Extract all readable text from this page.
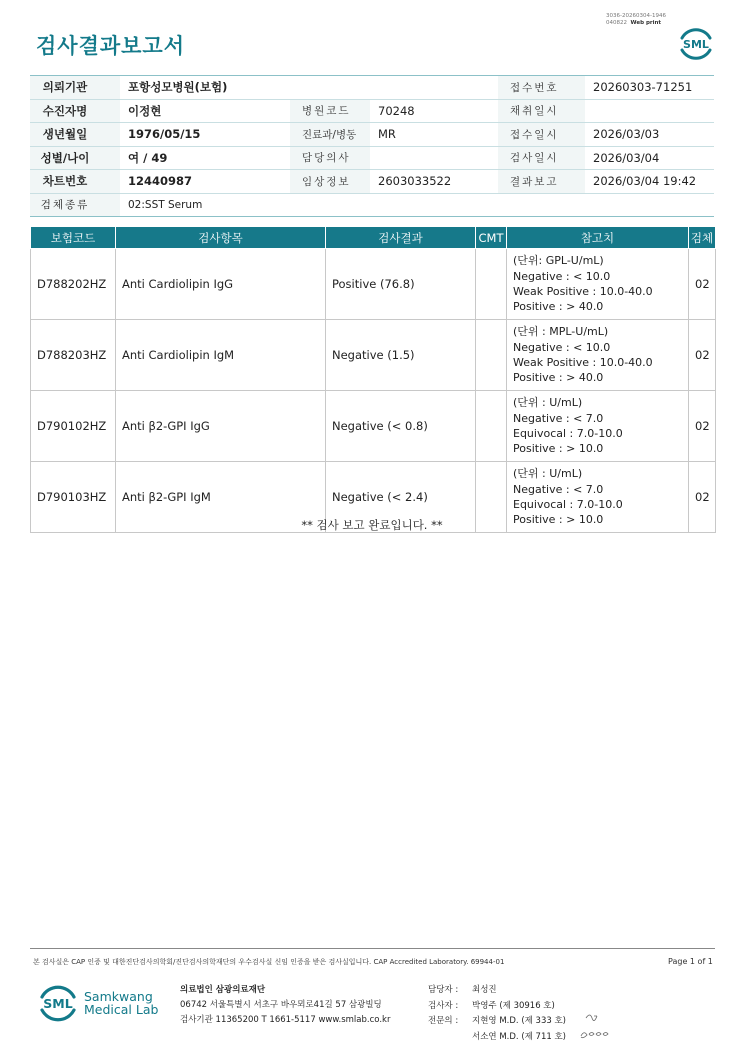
검사결과보고서
3036-20260304-1946
040822 Web print
SML
의뢰기관	포항성모병원(보험)			접수번호	20260303-71251
수진자명	이정현	병원코드	70248	채취일시	
생년월일	1976/05/15	진료과/병동	MR	접수일시	2026/03/03
성별/나이	여 / 49	담당의사		검사일시	2026/03/04
차트번호	12440987	임상정보	2603033522	결과보고	2026/03/04 19:42
검체종류	02:SST Serum				
보험코드	검사항목	검사결과	CMT	참고치	검체
D788202HZ	Anti Cardiolipin IgG	Positive (76.8)		(단위: GPL-U/mL)
Negative : < 10.0
Weak Positive : 10.0-40.0
Positive : > 40.0	02
D788203HZ	Anti Cardiolipin IgM	Negative (1.5)		(단위 : MPL-U/mL)
Negative : < 10.0
Weak Positive : 10.0-40.0
Positive : > 40.0	02
D790102HZ	Anti β2-GPI IgG	Negative (< 0.8)		(단위 : U/mL)
Negative : < 7.0
Equivocal : 7.0-10.0
Positive : > 10.0	02
D790103HZ	Anti β2-GPI IgM	Negative (< 2.4)		(단위 : U/mL)
Negative : < 7.0
Equivocal : 7.0-10.0
Positive : > 10.0	02
** 검사 보고 완료입니다. **
본 검사실은 CAP 인증 및 대한진단검사의학회/진단검사의학재단의 우수검사실 신임 인증을 받은 검사실입니다. CAP Accredited Laboratory. 69944-01	Page 1 of 1
SML Samkwang
Medical Lab
의료법인 삼광의료재단
06742 서울특별시 서초구 바우뫼로41길 57 삼광빌딩
검사기관 11365200 T 1661-5117 www.smlab.co.kr
담당자 : 최성진
검사자 : 박영주 (제 30916 호)
전문의 : 지현영 M.D. (제 333 호)
서소연 M.D. (제 711 호)
